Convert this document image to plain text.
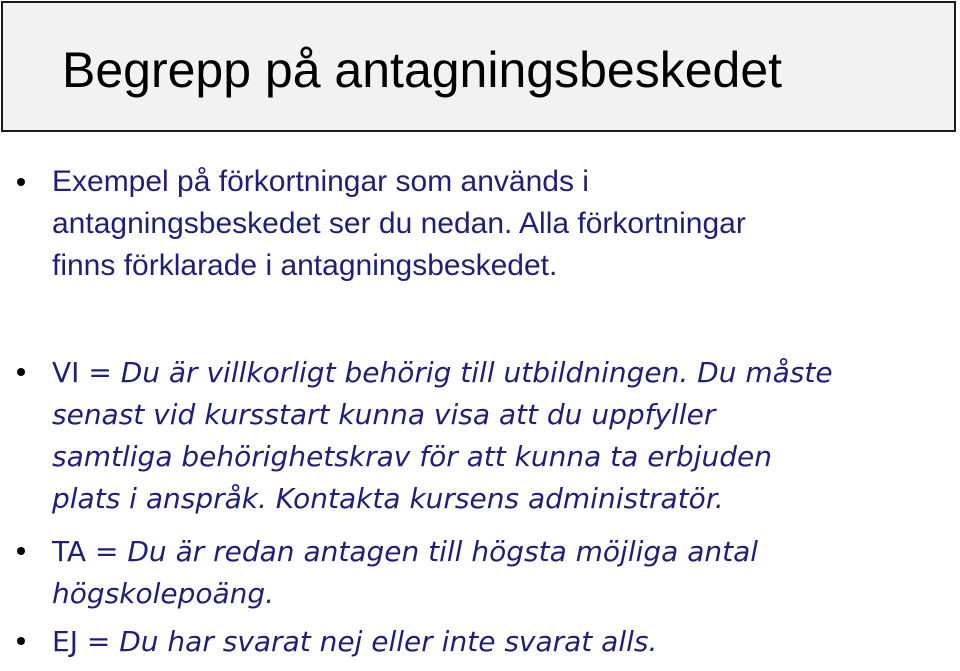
Begrepp på antagningsbeskedet
Exempel på förkortningar som används i
antagningsbeskedet ser du nedan. Alla förkortningar
finns förklarade i antagningsbeskedet.
VI = Du är villkorligt behörig till utbildningen. Du måste
senast vid kursstart kunna visa att du uppfyller
samtliga behörighetskrav för att kunna ta erbjuden
plats i anspråk. Kontakta kursens administratör.
TA = Du är redan antagen till högsta möjliga antal
högskolepoäng.
EJ = Du har svarat nej eller inte svarat alls.
